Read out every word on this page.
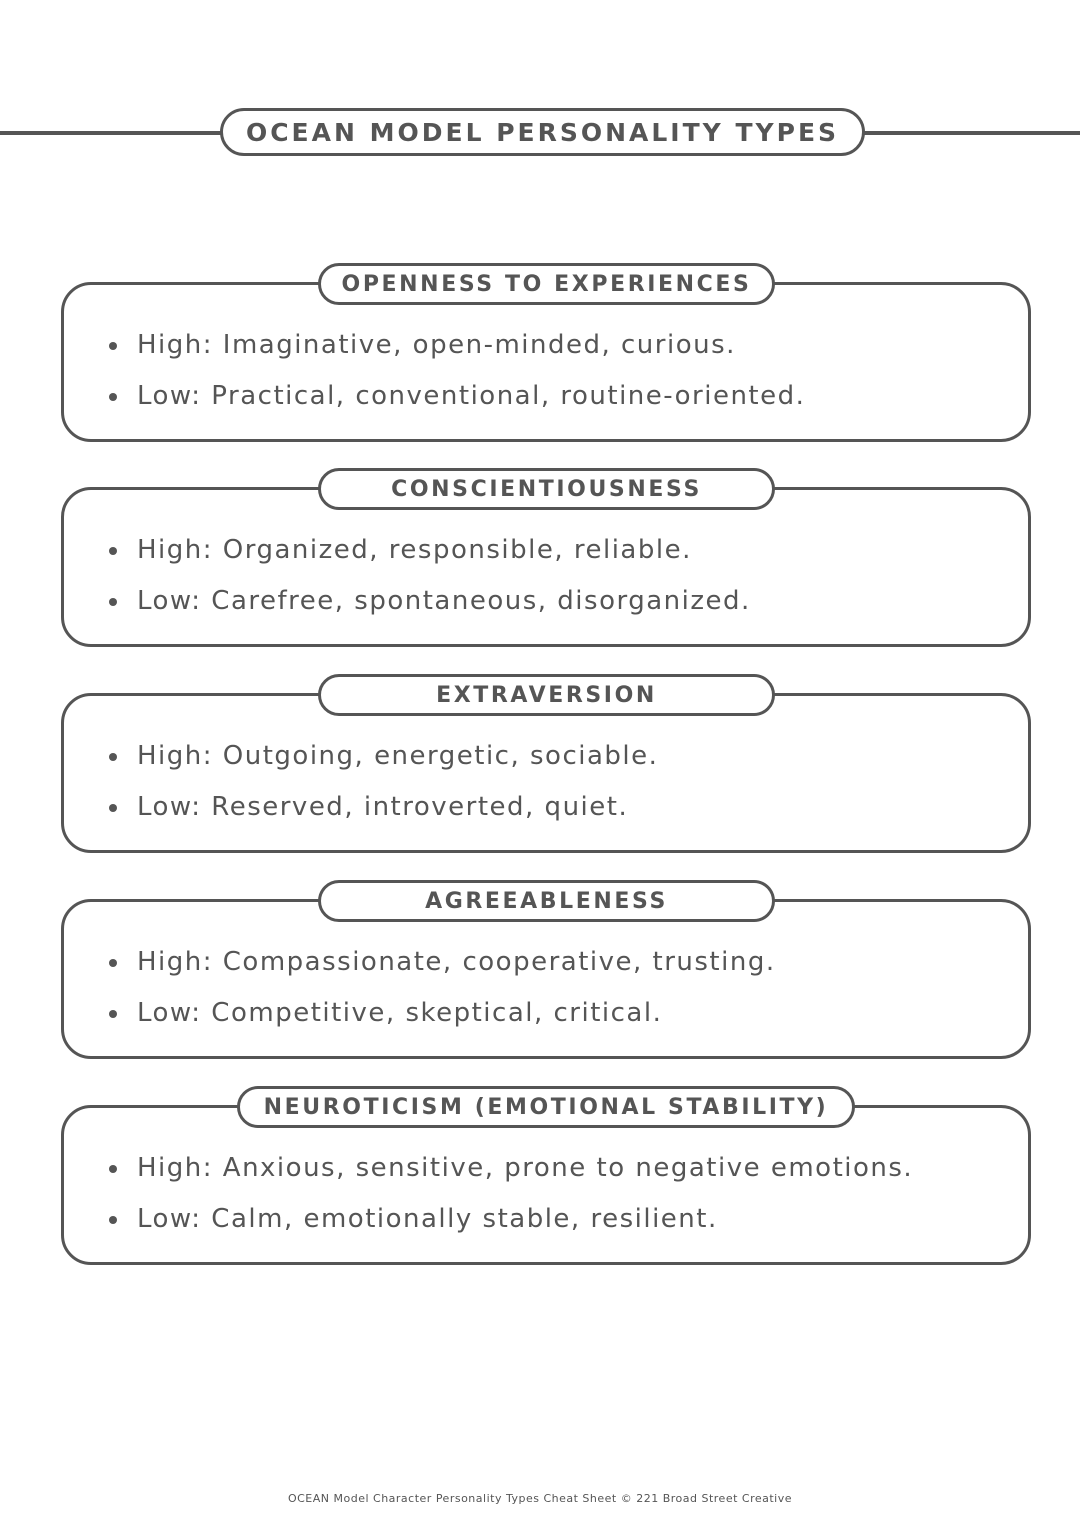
OCEAN MODEL PERSONALITY TYPES
OPENNESS TO EXPERIENCES
High: Imaginative, open-minded, curious.
Low: Practical, conventional, routine-oriented.
CONSCIENTIOUSNESS
High: Organized, responsible, reliable.
Low: Carefree, spontaneous, disorganized.
EXTRAVERSION
High: Outgoing, energetic, sociable.
Low: Reserved, introverted, quiet.
AGREEABLENESS
High: Compassionate, cooperative, trusting.
Low: Competitive, skeptical, critical.
NEUROTICISM (EMOTIONAL STABILITY)
High: Anxious, sensitive, prone to negative emotions.
Low: Calm, emotionally stable, resilient.
OCEAN Model Character Personality Types Cheat Sheet © 221 Broad Street Creative
